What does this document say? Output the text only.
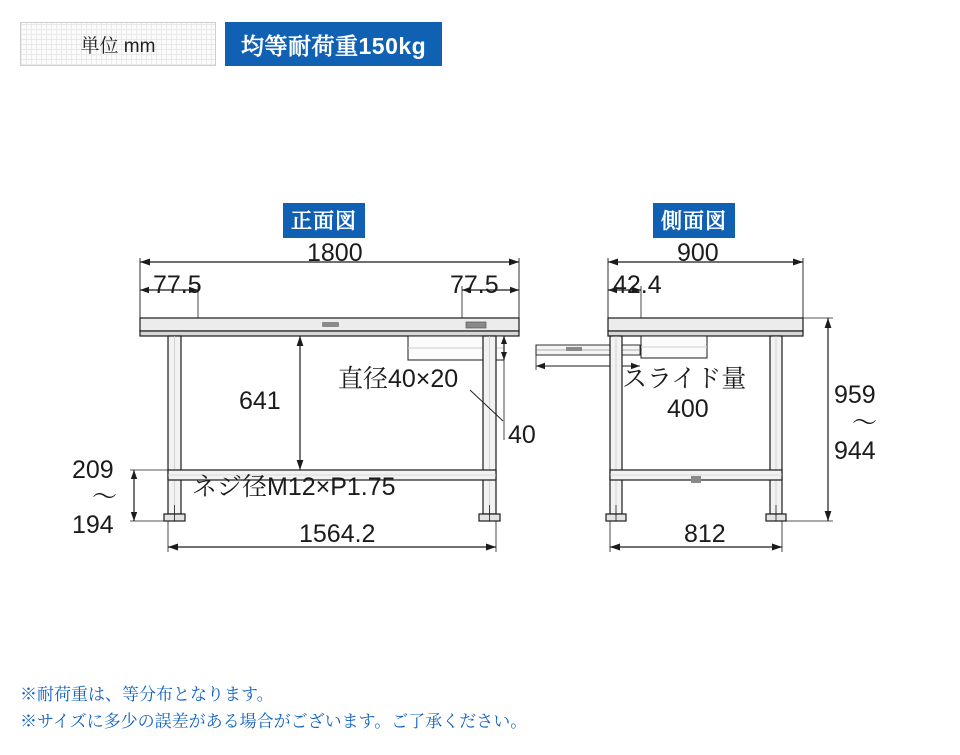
単位 mm	均等耐荷重150kg
正面図	側面図
1800
77.5	77.5
641
直径40×20
40
209
〜
194
ネジ径M12×P1.75
1564.2
900
42.4
スライド量
400	959
〜
944
812
※耐荷重は、等分布となります。
※サイズに多少の誤差がある場合がございます。ご了承ください。
